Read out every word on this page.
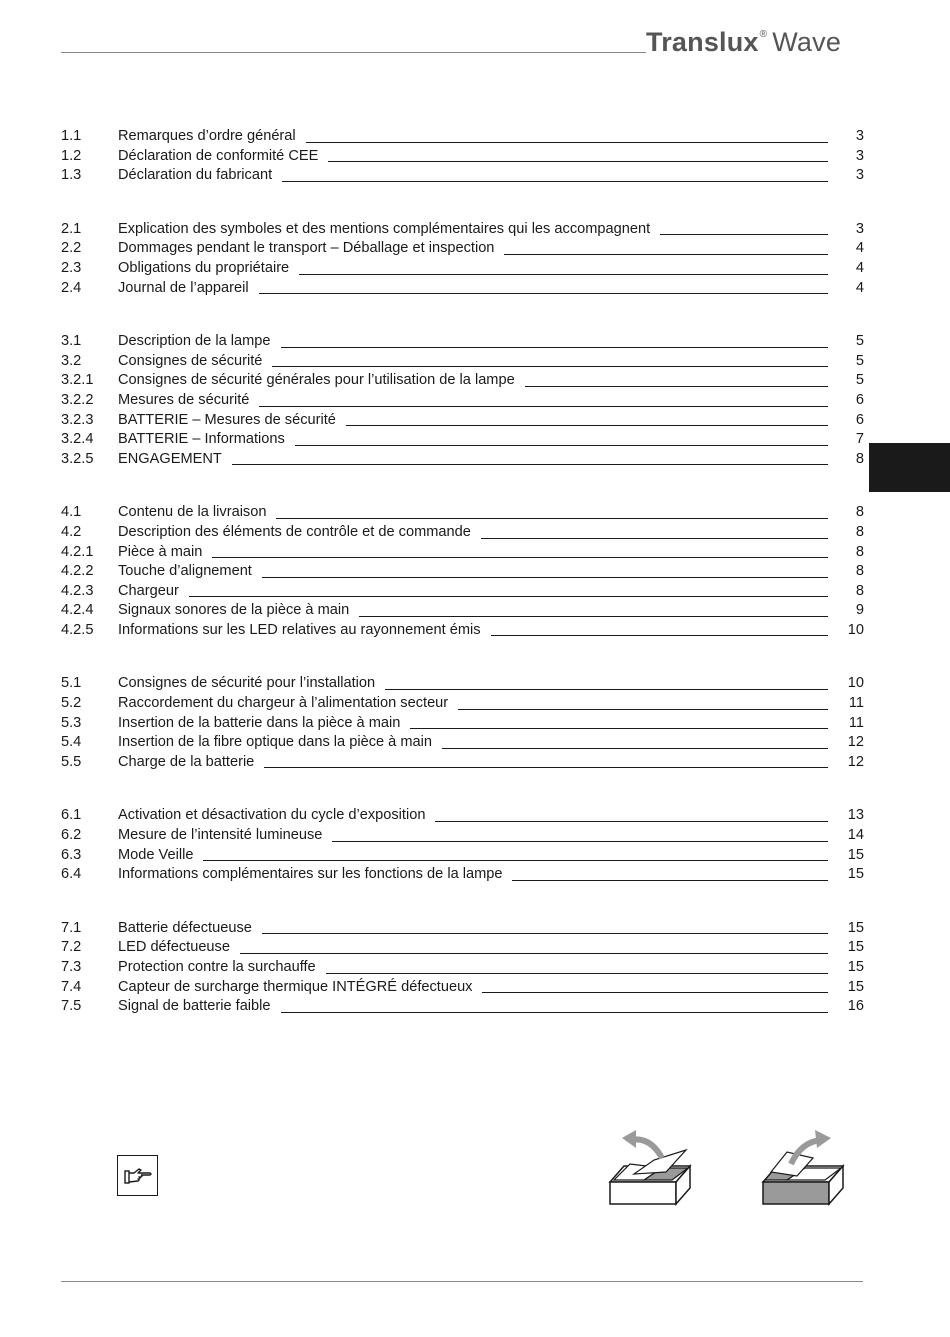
Translux® Wave
1.1	Remarques d’ordre général	3
1.2	Déclaration de conformité CEE	3
1.3	Déclaration du fabricant	3
2.1	Explication des symboles et des mentions complémentaires qui les accompagnent	3
2.2	Dommages pendant le transport – Déballage et inspection	4
2.3	Obligations du propriétaire	4
2.4	Journal de l’appareil	4
3.1	Description de la lampe	5
3.2	Consignes de sécurité	5
3.2.1	Consignes de sécurité générales pour l’utilisation de la lampe	5
3.2.2	Mesures de sécurité	6
3.2.3	BATTERIE – Mesures de sécurité	6
3.2.4	BATTERIE – Informations	7
3.2.5	ENGAGEMENT	8
4.1	Contenu de la livraison	8
4.2	Description des éléments de contrôle et de commande	8
4.2.1	Pièce à main	8
4.2.2	Touche d’alignement	8
4.2.3	Chargeur	8
4.2.4	Signaux sonores de la pièce à main	9
4.2.5	Informations sur les LED relatives au rayonnement émis	10
5.1	Consignes de sécurité pour l’installation	10
5.2	Raccordement du chargeur à l’alimentation secteur	11
5.3	Insertion de la batterie dans la pièce à main	11
5.4	Insertion de la fibre optique dans la pièce à main	12
5.5	Charge de la batterie	12
6.1	Activation et désactivation du cycle d’exposition	13
6.2	Mesure de l’intensité lumineuse	14
6.3	Mode Veille	15
6.4	Informations complémentaires sur les fonctions de la lampe	15
7.1	Batterie défectueuse	15
7.2	LED défectueuse	15
7.3	Protection contre la surchauffe	15
7.4	Capteur de surcharge thermique INTÉGRÉ défectueux	15
7.5	Signal de batterie faible	16
